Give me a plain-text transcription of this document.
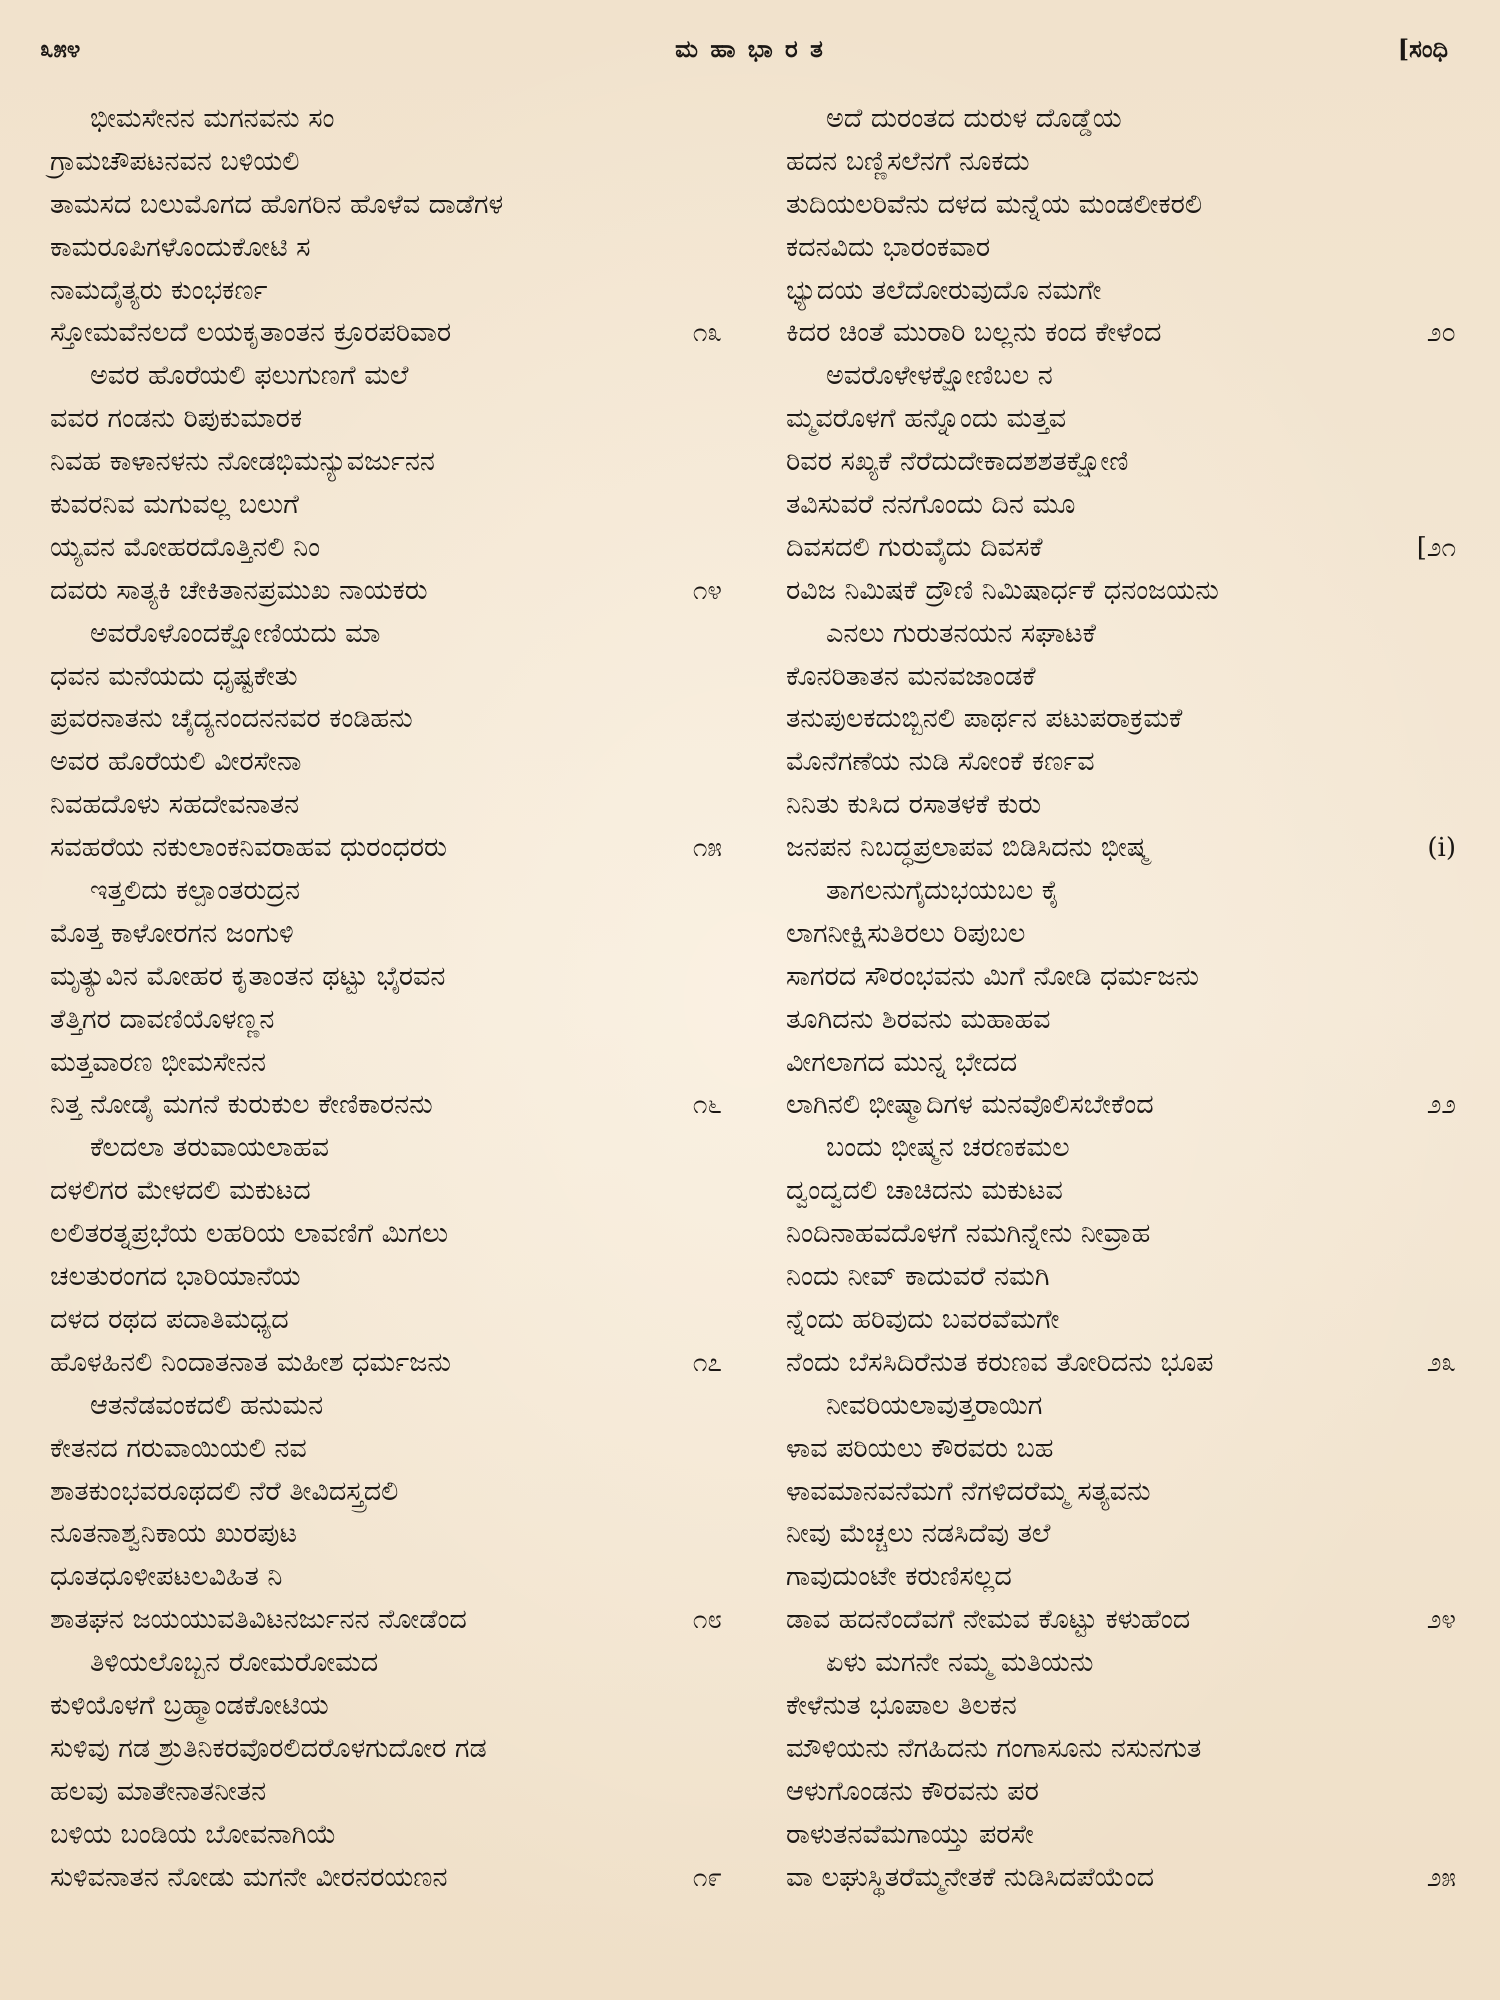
೩೫೪	ಮ ಹಾ ಭಾ ರ ತ	[ಸಂಧಿ
ಭೀಮಸೇನನ ಮಗನವನು ಸಂ
ಗ್ರಾಮಚೌಪಟನವನ ಬಳಿಯಲಿ
ತಾಮಸದ ಬಲುಮೊಗದ ಹೊಗರಿನ ಹೊಳೆವ ದಾಡೆಗಳ
ಕಾಮರೂಪಿಗಳೊಂದುಕೋಟಿ ಸ
ನಾಮದೈತ್ಯರು ಕುಂಭಕರ್ಣ
ಸ್ತೋಮವೆನಲದೆ ಲಯಕೃತಾಂತನ ಕ್ರೂರಪರಿವಾರ	೧೩
ಅವರ ಹೊರೆಯಲಿ ಫಲುಗುಣಗೆ ಮಲೆ
ವವರ ಗಂಡನು ರಿಪುಕುಮಾರಕ
ನಿವಹ ಕಾಳಾನಳನು ನೋಡಭಿಮನ್ಯುವರ್ಜುನನ
ಕುವರನಿವ ಮಗುವಲ್ಲ ಬಲುಗೆ
ಯ್ಯವನ ಮೋಹರದೊತ್ತಿನಲಿ ನಿಂ
ದವರು ಸಾತ್ಯಕಿ ಚೇಕಿತಾನಪ್ರಮುಖ ನಾಯಕರು	೧೪
ಅವರೊಳೊಂದಕ್ಷೋಣಿಯದು ಮಾ
ಧವನ ಮನೆಯದು ಧೃಷ್ಟಕೇತು
ಪ್ರವರನಾತನು ಚೈದ್ಯನಂದನನವರ ಕಂಡಿಹನು
ಅವರ ಹೊರೆಯಲಿ ವೀರಸೇನಾ
ನಿವಹದೊಳು ಸಹದೇವನಾತನ
ಸವಹರೆಯ ನಕುಲಾಂಕನಿವರಾಹವ ಧುರಂಧರರು	೧೫
ಇತ್ತಲಿದು ಕಲ್ಪಾಂತರುದ್ರನ
ಮೊತ್ತ ಕಾಳೋರಗನ ಜಂಗುಳಿ
ಮೃತ್ಯುವಿನ ಮೋಹರ ಕೃತಾಂತನ ಥಟ್ಟು ಭೈರವನ
ತೆತ್ತಿಗರ ದಾವಣಿಯೊಳಣ್ಣನ
ಮತ್ತವಾರಣ ಭೀಮಸೇನನ
ನಿತ್ತ ನೋಡೈ ಮಗನೆ ಕುರುಕುಲ ಕೇಣಿಕಾರನನು	೧೬
ಕೆಲದಲಾ ತರುವಾಯಲಾಹವ
ದಳಲಿಗರ ಮೇಳದಲಿ ಮಕುಟದ
ಲಲಿತರತ್ನಪ್ರಭೆಯ ಲಹರಿಯ ಲಾವಣಿಗೆ ಮಿಗಲು
ಚಲತುರಂಗದ ಭಾರಿಯಾನೆಯ
ದಳದ ರಥದ ಪದಾತಿಮಧ್ಯದ
ಹೊಳಹಿನಲಿ ನಿಂದಾತನಾತ ಮಹೀಶ ಧರ್ಮಜನು	೧೭
ಆತನೆಡವಂಕದಲಿ ಹನುಮನ
ಕೇತನದ ಗರುವಾಯಿಯಲಿ ನವ
ಶಾತಕುಂಭವರೂಥದಲಿ ನೆರೆ ತೀವಿದಸ್ತ್ರದಲಿ
ನೂತನಾಶ್ವನಿಕಾಯ ಖುರಪುಟ
ಧೂತಧೂಳೀಪಟಲವಿಹಿತ ನಿ
ಶಾತಘನ ಜಯಯುವತಿವಿಟನರ್ಜುನನ ನೋಡೆಂದ	೧೮
ತಿಳಿಯಲೊಬ್ಬನ ರೋಮರೋಮದ
ಕುಳಿಯೊಳಗೆ ಬ್ರಹ್ಮಾಂಡಕೋಟಿಯ
ಸುಳಿವು ಗಡ ಶ್ರುತಿನಿಕರವೊರಲಿದರೊಳಗುದೋರ ಗಡ
ಹಲವು ಮಾತೇನಾತನೀತನ
ಬಳಿಯ ಬಂಡಿಯ ಬೋವನಾಗಿಯೆ
ಸುಳಿವನಾತನ ನೋಡು ಮಗನೇ ವೀರನರಯಣನ	೧೯
ಅದೆ ದುರಂತದ ದುರುಳ ದೊಡ್ಡೆಯ
ಹದನ ಬಣ್ಣಿಸಲೆನಗೆ ನೂಕದು
ತುದಿಯಲರಿವೆನು ದಳದ ಮನ್ನೆಯ ಮಂಡಲೀಕರಲಿ
ಕದನವಿದು ಭಾರಂಕವಾರ
ಭ್ಯುದಯ ತಲೆದೋರುವುದೊ ನಮಗೇ
ಕಿದರ ಚಿಂತೆ ಮುರಾರಿ ಬಲ್ಲನು ಕಂದ ಕೇಳೆಂದ	೨೦
ಅವರೊಳೇಳಕ್ಷೋಣಿಬಲ ನ
ಮ್ಮವರೊಳಗೆ ಹನ್ನೊಂದು ಮತ್ತವ
ರಿವರ ಸಖ್ಯಕೆ ನೆರೆದುದೇಕಾದಶಶತಕ್ಷೋಣಿ
ತವಿಸುವರೆ ನನಗೊಂದು ದಿನ ಮೂ
ದಿವಸದಲಿ ಗುರುವೈದು ದಿವಸಕೆ	[೨೧
ರವಿಜ ನಿಮಿಷಕೆ ದ್ರೌಣಿ ನಿಮಿಷಾರ್ಧಕೆ ಧನಂಜಯನು
ಎನಲು ಗುರುತನಯನ ಸಘಾಟಕೆ
ಕೊನರಿತಾತನ ಮನವಜಾಂಡಕೆ
ತನುಪುಲಕದುಬ್ಬಿನಲಿ ಪಾರ್ಥನ ಪಟುಪರಾಕ್ರಮಕೆ
ಮೊನೆಗಣೆಯ ನುಡಿ ಸೋಂಕೆ ಕರ್ಣವ
ನಿನಿತು ಕುಸಿದ ರಸಾತಳಕೆ ಕುರು
ಜನಪನ ನಿಬದ್ಧಪ್ರಲಾಪವ ಬಿಡಿಸಿದನು ಭೀಷ್ಮ	(i)
ತಾಗಲನುಗೈದುಭಯಬಲ ಕೈ
ಲಾಗನೀಕ್ಷಿಸುತಿರಲು ರಿಪುಬಲ
ಸಾಗರದ ಸೌರಂಭವನು ಮಿಗೆ ನೋಡಿ ಧರ್ಮಜನು
ತೂಗಿದನು ಶಿರವನು ಮಹಾಹವ
ವೀಗಲಾಗದ ಮುನ್ನ ಭೇದದ
ಲಾಗಿನಲಿ ಭೀಷ್ಮಾದಿಗಳ ಮನವೊಲಿಸಬೇಕೆಂದ	೨೨
ಬಂದು ಭೀಷ್ಮನ ಚರಣಕಮಲ
ದ್ವಂದ್ವದಲಿ ಚಾಚಿದನು ಮಕುಟವ
ನಿಂದಿನಾಹವದೊಳಗೆ ನಮಗಿನ್ನೇನು ನೀವ್ರಾಹ
ನಿಂದು ನೀವ್ ಕಾದುವರೆ ನಮಗಿ
ನ್ನೆಂದು ಹರಿವುದು ಬವರವೆಮಗೇ
ನೆಂದು ಬೆಸಸಿದಿರೆನುತ ಕರುಣವ ತೋರಿದನು ಭೂಪ	೨೩
ನೀವರಿಯಲಾವುತ್ತರಾಯಿಗ
ಳಾವ ಪರಿಯಲು ಕೌರವರು ಬಹ
ಳಾವಮಾನವನೆಮಗೆ ನೆಗಳಿದರೆಮ್ಮ ಸತ್ಯವನು
ನೀವು ಮೆಚ್ಚಲು ನಡಸಿದೆವು ತಲೆ
ಗಾವುದುಂಟೇ ಕರುಣಿಸಲ್ಲದ
ಡಾವ ಹದನೆಂದೆವಗೆ ನೇಮವ ಕೊಟ್ಟು ಕಳುಹೆಂದ	೨೪
ಏಳು ಮಗನೇ ನಮ್ಮ ಮತಿಯನು
ಕೇಳೆನುತ ಭೂಪಾಲ ತಿಲಕನ
ಮೌಳಿಯನು ನೆಗಹಿದನು ಗಂಗಾಸೂನು ನಸುನಗುತ
ಆಳುಗೊಂಡನು ಕೌರವನು ಪರ
ರಾಳುತನವೆಮಗಾಯ್ತು ಪರಸೇ
ವಾ ಲಘುಸ್ಥಿತರೆಮ್ಮನೇತಕೆ ನುಡಿಸಿದಪೆಯೆಂದ	೨೫
